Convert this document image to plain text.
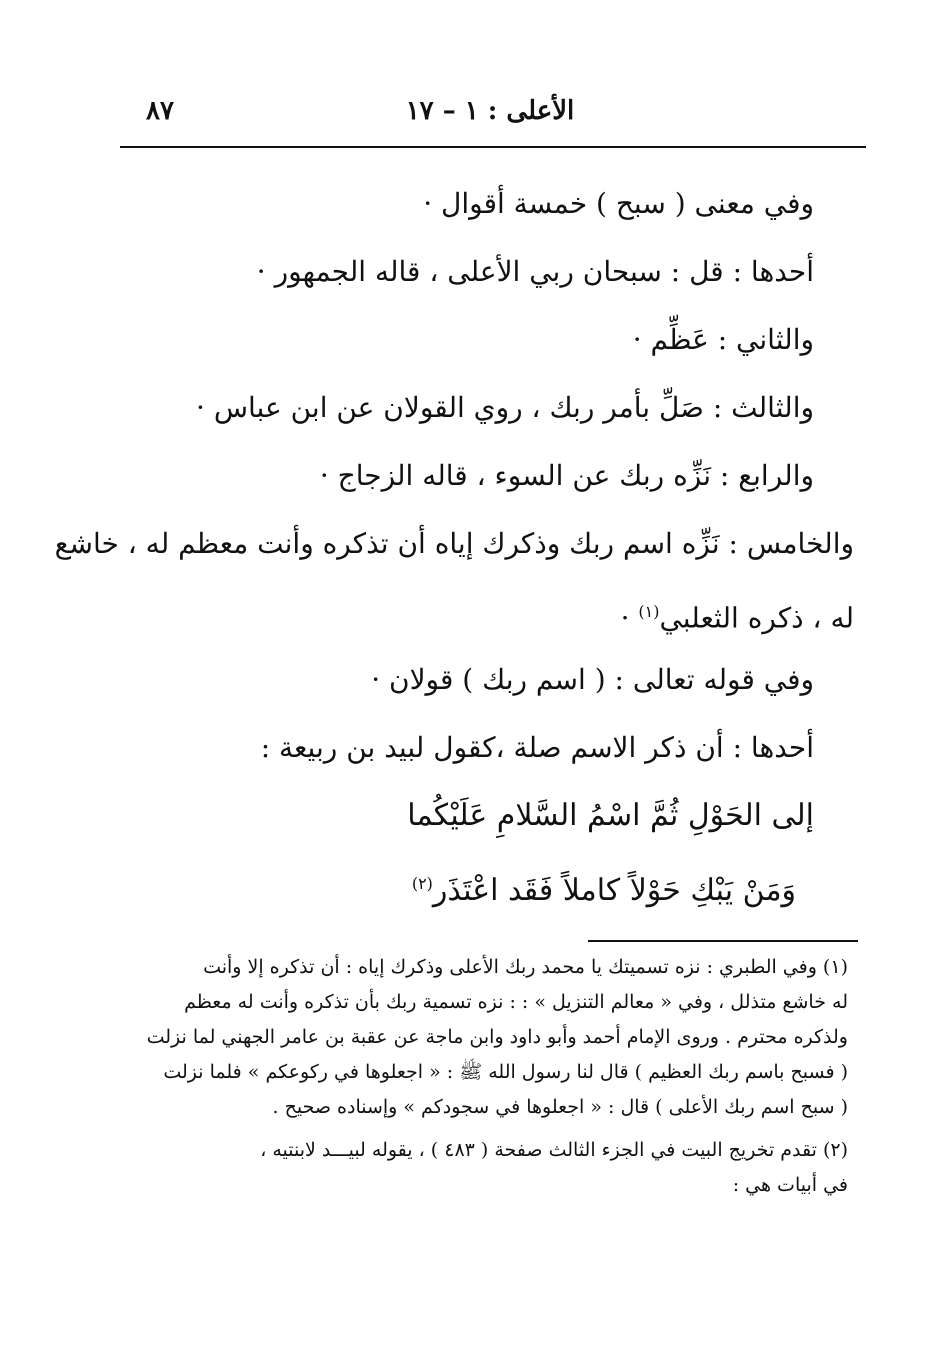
٨٧	الأعلى : ١ – ١٧
وفي معنى ( سبح ) خمسة أقوال ·
أحدها : قل : سبحان ربي الأعلى ، قاله الجمهور ·
والثاني : عَظِّم ·
والثالث : صَلِّ بأمر ربك ، روي القولان عن ابن عباس ·
والرابع : نَزِّه ربك عن السوء ، قاله الزجاج ·
والخامس : نَزِّه اسم ربك وذكرك إياه أن تذكره وأنت معظم له ، خاشع
له ، ذكره الثعلبي$^{(١)}$ ·
وفي قوله تعالى : ( اسم ربك ) قولان ·
أحدها : أن ذكر الاسم صلة ،كقول لبيد بن ربيعة :
إلى الحَوْلِ ثُمَّ اسْمُ السَّلامِ عَلَيْكُما
وَمَنْ يَبْكِ حَوْلاً كاملاً فَقَد اعْتَذَر$^{(٢)}$
(١) وفي الطبري : نزه تسميتك يا محمد ربك الأعلى وذكرك إياه : أن تذكره إلا وأنت
له خاشع متذلل ، وفي « معالم التنزيل » : : نزه تسمية ربك بأن تذكره وأنت له معظم
ولذكره محترم . وروى الإمام أحمد وأبو داود وابن ماجة عن عقبة بن عامر الجهني لما نزلت
( فسبح باسم ربك العظيم ) قال لنا رسول الله ﷺ : « اجعلوها في ركوعكم » فلما نزلت
( سبح اسم ربك الأعلى ) قال : « اجعلوها في سجودكم » وإسناده صحيح .
(٢) تقدم تخريج البيت في الجزء الثالث صفحة ( ٤٨٣ ) ، يقوله لبيـــد لابنتيه ،
في أبيات هي :
